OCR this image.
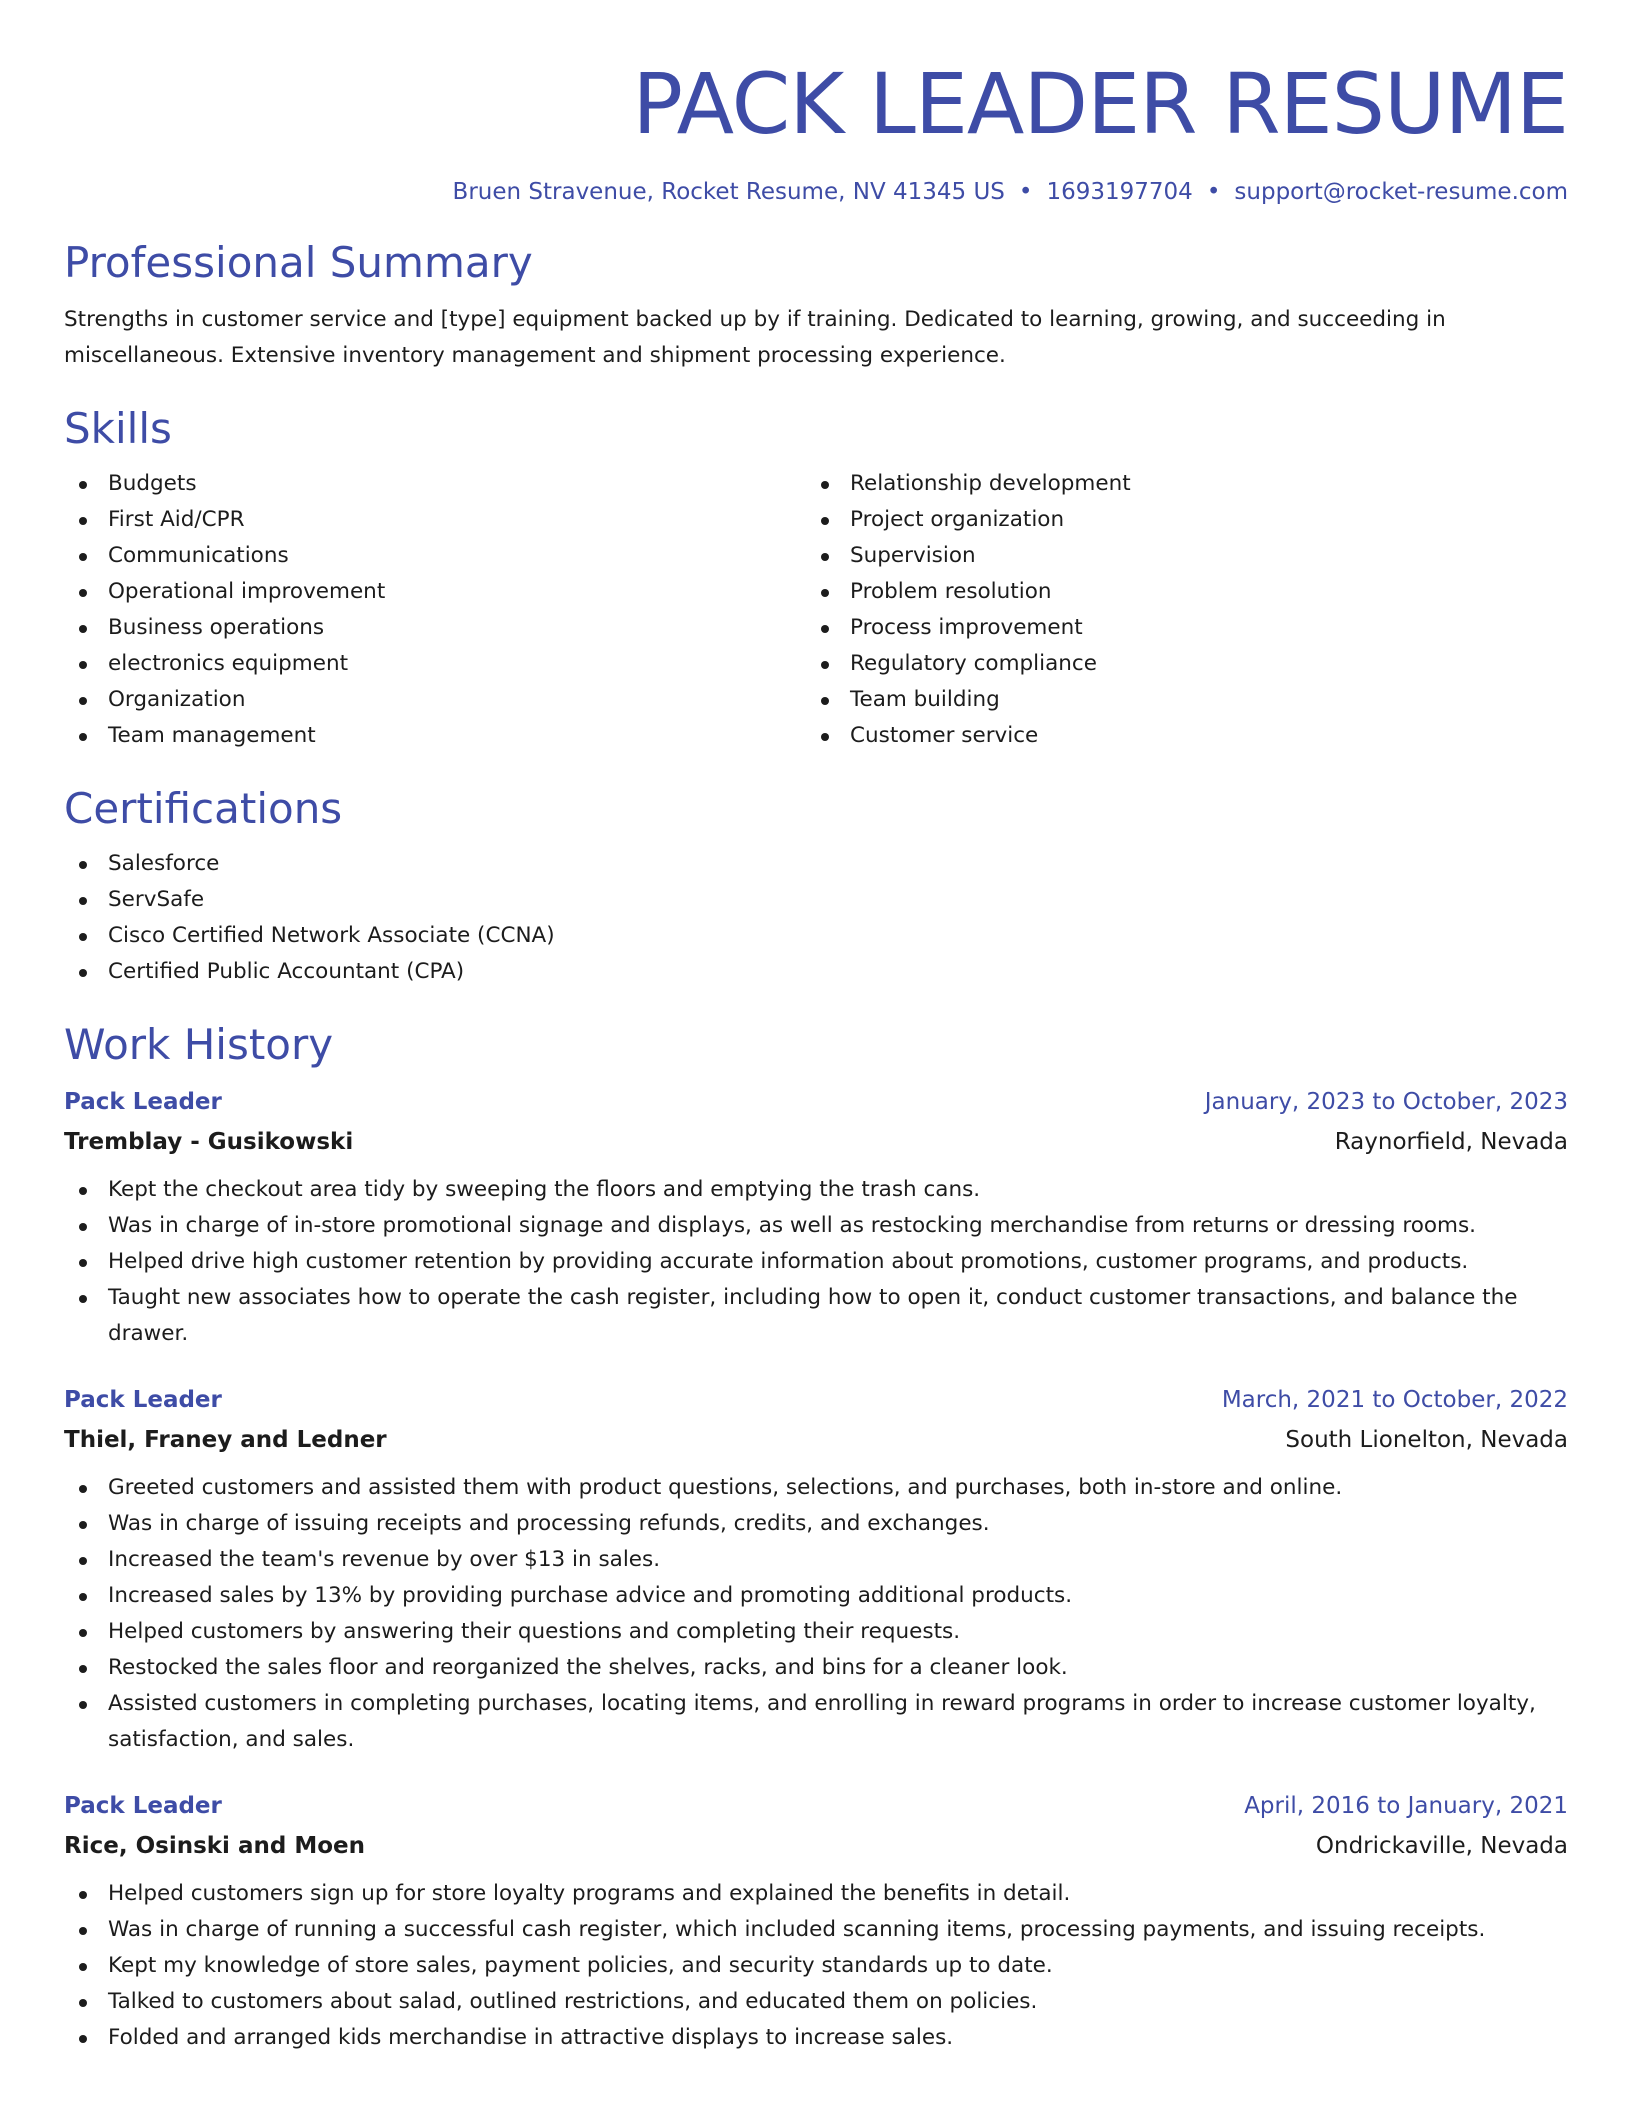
PACK LEADER RESUME
Bruen Stravenue, Rocket Resume, NV 41345 US • 1693197704 • support@rocket-resume.com
Professional Summary

Strengths in customer service and [type] equipment backed up by if training. Dedicated to learning, growing, and succeeding in miscellaneous. Extensive inventory management and shipment processing experience.

Skills
Budgets
First Aid/CPR
Communications
Operational improvement
Business operations
electronics equipment
Organization
Team management
Relationship development
Project organization
Supervision
Problem resolution
Process improvement
Regulatory compliance
Team building
Customer service
Certifications
Salesforce
ServSafe
Cisco Certified Network Associate (CCNA)
Certified Public Accountant (CPA)
Work History
Pack Leader	January, 2023 to October, 2023
Tremblay - Gusikowski	Raynorfield, Nevada
Kept the checkout area tidy by sweeping the floors and emptying the trash cans.
Was in charge of in-store promotional signage and displays, as well as restocking merchandise from returns or dressing rooms.
Helped drive high customer retention by providing accurate information about promotions, customer programs, and products.
Taught new associates how to operate the cash register, including how to open it, conduct customer transactions, and balance the drawer.
Pack Leader	March, 2021 to October, 2022
Thiel, Franey and Ledner	South Lionelton, Nevada
Greeted customers and assisted them with product questions, selections, and purchases, both in-store and online.
Was in charge of issuing receipts and processing refunds, credits, and exchanges.
Increased the team's revenue by over $13 in sales.
Increased sales by 13% by providing purchase advice and promoting additional products.
Helped customers by answering their questions and completing their requests.
Restocked the sales floor and reorganized the shelves, racks, and bins for a cleaner look.
Assisted customers in completing purchases, locating items, and enrolling in reward programs in order to increase customer loyalty, satisfaction, and sales.
Pack Leader	April, 2016 to January, 2021
Rice, Osinski and Moen	Ondrickaville, Nevada
Helped customers sign up for store loyalty programs and explained the benefits in detail.
Was in charge of running a successful cash register, which included scanning items, processing payments, and issuing receipts.
Kept my knowledge of store sales, payment policies, and security standards up to date.
Talked to customers about salad, outlined restrictions, and educated them on policies.
Folded and arranged kids merchandise in attractive displays to increase sales.
